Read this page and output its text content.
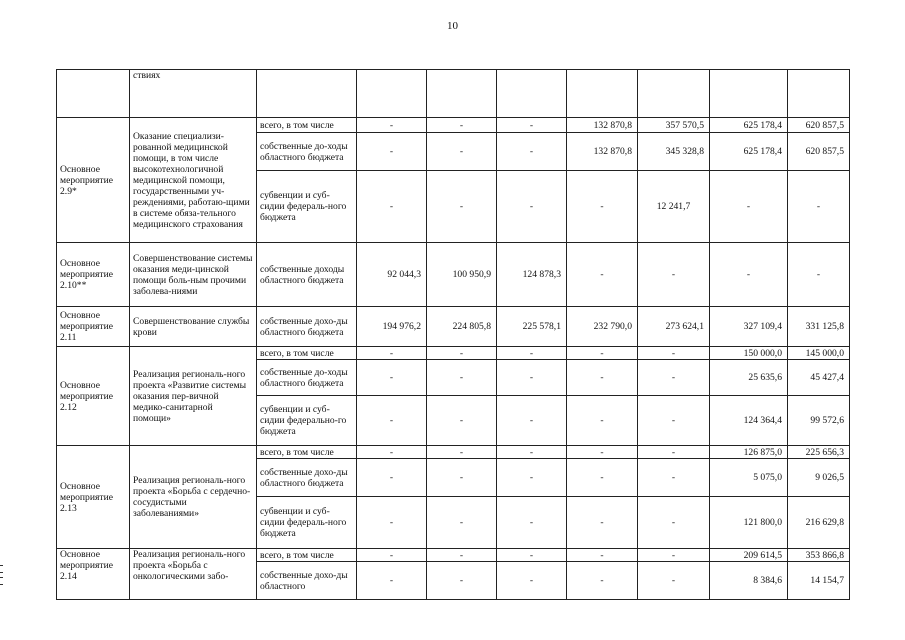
10
	ствиях								
Основное мероприятие 2.9*	Оказание специализи-рованной медицинской помощи, в том числе высокотехнологичной медицинской помощи, государственными уч-реждениями, работаю-щими в системе обяза-тельного медицинского страхования	всего, в том числе	-	-	-	132 870,8	357 570,5	625 178,4	620 857,5
		собственные до-ходы областного бюджета	-	-	-	132 870,8	345 328,8	625 178,4	620 857,5
		субвенции и суб-сидии федераль-ного бюджета	-	-	-	-	12 241,7	-	-
Основное мероприятие 2.10**	Совершенствование системы оказания меди-цинской помощи боль-ным прочими заболева-ниями	собственные доходы областного бюджета	92 044,3	100 950,9	124 878,3	-	-	-	-
Основное мероприятие 2.11	Совершенствование службы крови	собственные дохо-ды областного бюджета	194 976,2	224 805,8	225 578,1	232 790,0	273 624,1	327 109,4	331 125,8
Основное мероприятие 2.12	Реализация региональ-ного проекта «Развитие системы оказания пер-вичной медико-санитарной помощи»	всего, в том числе	-	-	-	-	-	150 000,0	145 000,0
		собственные до-ходы областного бюджета	-	-	-	-	-	25 635,6	45 427,4
		субвенции и суб-сидии федерально-го бюджета	-	-	-	-	-	124 364,4	99 572,6
Основное мероприятие 2.13	Реализация региональ-ного проекта «Борьба с сердечно-сосудистыми заболеваниями»	всего, в том числе	-	-	-	-	-	126 875,0	225 656,3
		собственные дохо-ды областного бюджета	-	-	-	-	-	5 075,0	9 026,5
		субвенции и суб-сидии федераль-ного бюджета	-	-	-	-	-	121 800,0	216 629,8
Основное мероприятие 2.14	Реализация региональ-ного проекта «Борьба с онкологическими забо-	всего, в том числе	-	-	-	-	-	209 614,5	353 866,8
		собственные дохо-ды областного	-	-	-	-	-	8 384,6	14 154,7
